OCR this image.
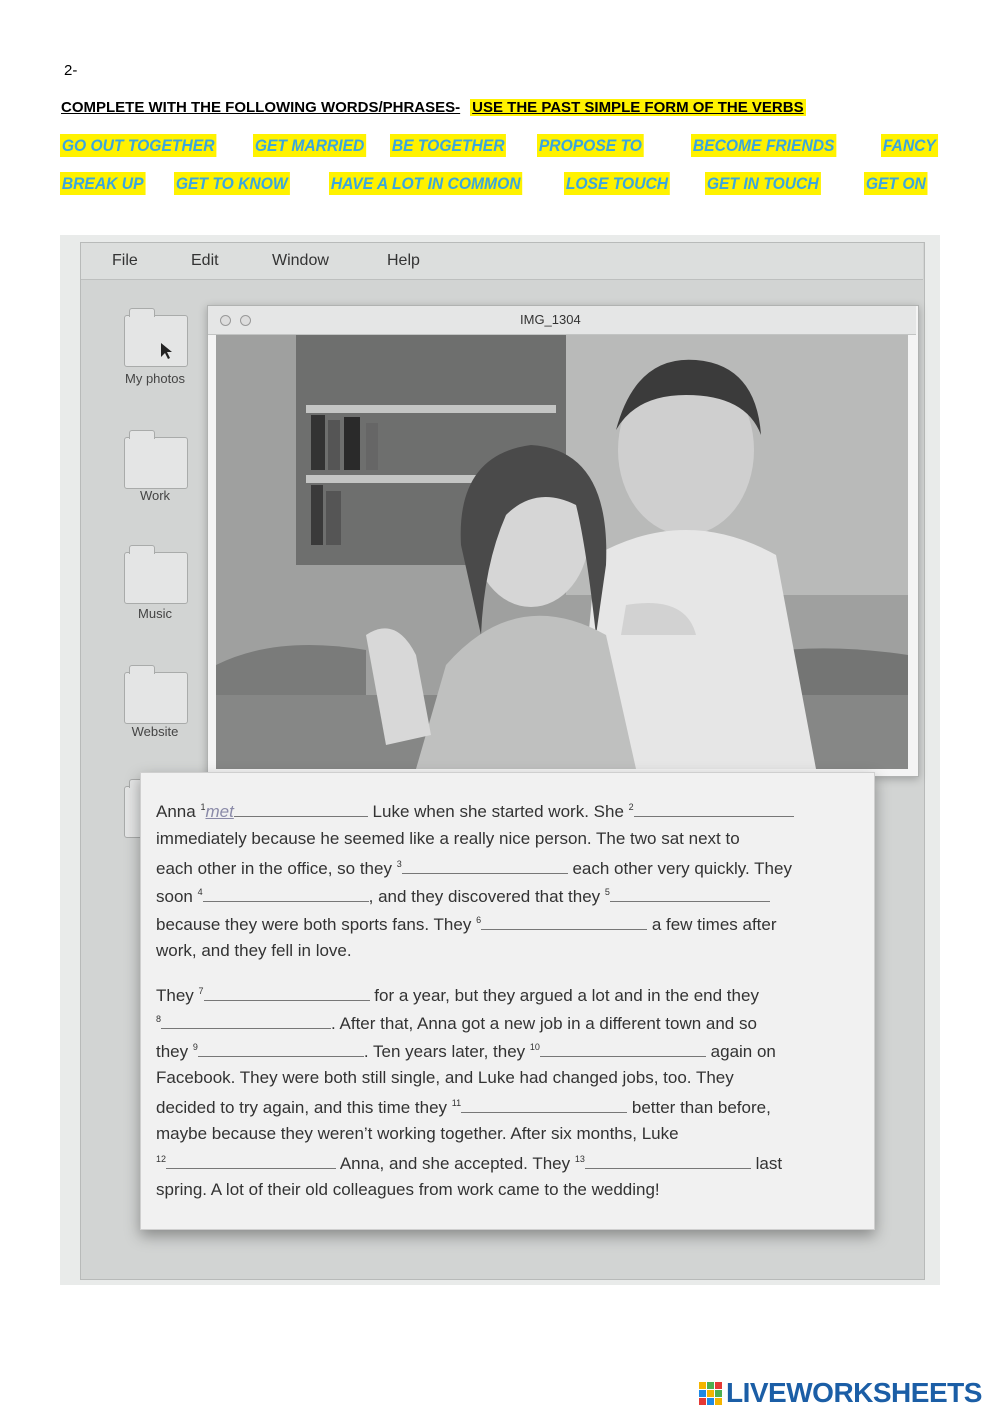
2-
COMPLETE WITH THE FOLLOWING WORDS/PHRASES- USE THE PAST SIMPLE FORM OF THE VERBS
GO OUT TOGETHER GET MARRIED BE TOGETHER PROPOSE TO	BECOME FRIENDS	FANCY
BREAK UP GET TO KNOW	HAVE A LOT IN COMMON	LOSE TOUCH GET IN TOUCH	GET ON
File	Edit	Window	Help
My photos
Work
Music
Website
IMG_1304
Anna $^1$met	Luke when she started work. She $^2$
immediately because he seemed like a really nice person. The two sat next to
each other in the office, so they $^3$	each other very quickly. They
soon $^4$	, and they discovered that they $^5$
because they were both sports fans. They $^6$	a few times after
work, and they fell in love.
They $^7$	for a year, but they argued a lot and in the end they
$^8$	. After that, Anna got a new job in a different town and so
they $^9$	. Ten years later, they $^{10}$	again on
Facebook. They were both still single, and Luke had changed jobs, too. They
decided to try again, and this time they $^{11}$	better than before,
maybe because they weren’t working together. After six months, Luke
$^{12}$	Anna, and she accepted. They $^{13}$	last
spring. A lot of their old colleagues from work came to the wedding!
LIVEWORKSHEETS
